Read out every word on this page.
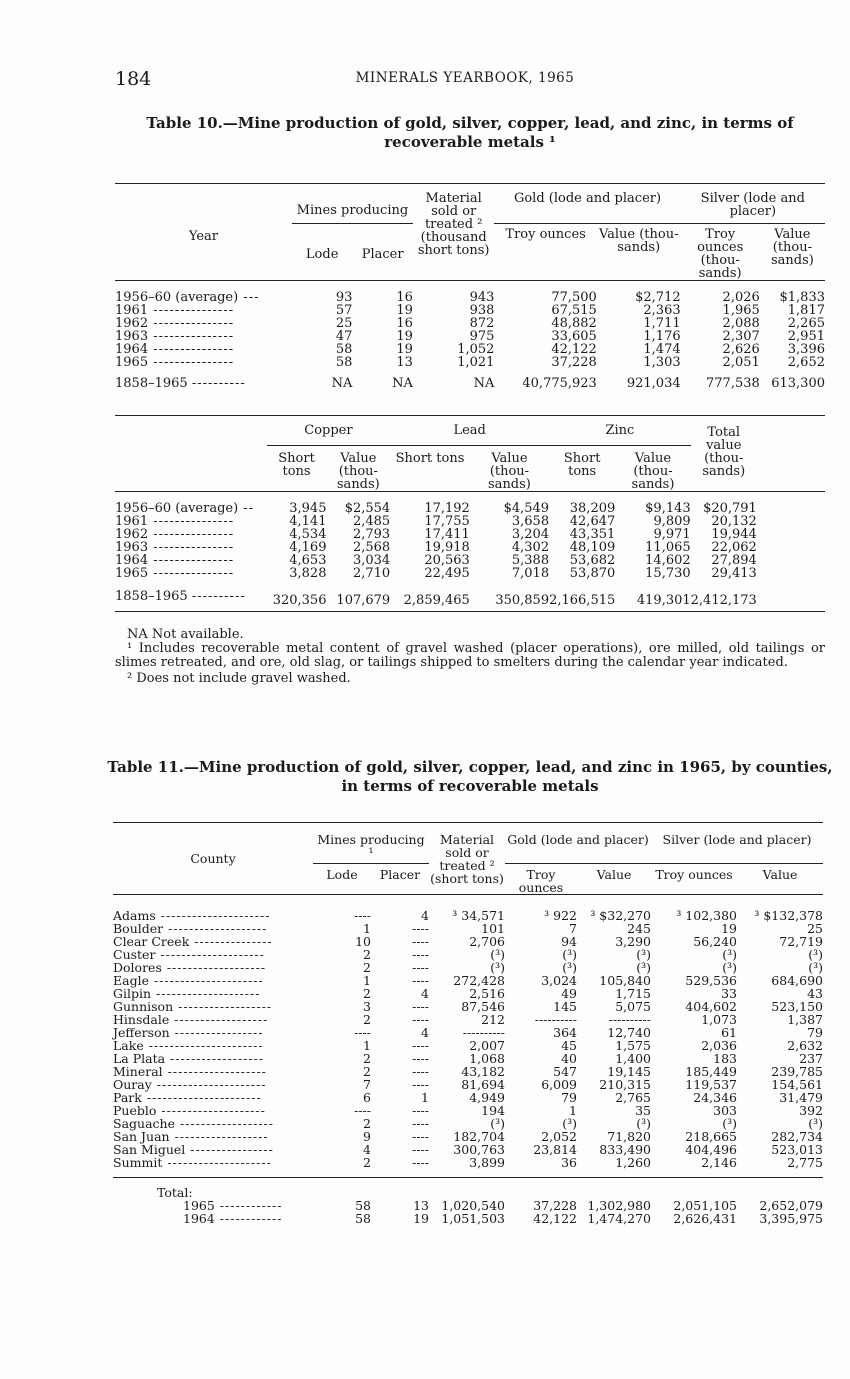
184	MINERALS YEARBOOK, 1965
Table 10.—Mine production of gold, silver, copper, lead, and zinc, in terms of
recoverable metals ¹
Year	Mines producing		Material sold or treated ² (thousand short tons)	Gold (lode and placer)		Silver (lode and placer)	
	Lode	Placer		Troy ounces	Value (thou- sands)	Troy ounces (thou- sands)	Value (thou- sands)

1956–60 (average) ---	93	16	943	77,500	$2,712	2,026	$1,833
1961 ---------------	57	19	938	67,515	2,363	1,965	1,817
1962 ---------------	25	16	872	48,882	1,711	2,088	2,265
1963 ---------------	47	19	975	33,605	1,176	2,307	2,951
1964 ---------------	58	19	1,052	42,122	1,474	2,626	3,396
1965 ---------------	58	13	1,021	37,228	1,303	2,051	2,652

1858–1965 ----------	NA	NA	NA	40,775,923	921,034	777,538	613,300
	Copper		Lead		Zinc		Total value (thou- sands)
	Short tons	Value (thou- sands)	Short tons	Value (thou- sands)	Short tons	Value (thou- sands)	

1956–60 (average) --	3,945	$2,554	17,192	$4,549	38,209	$9,143	$20,791
1961 ---------------	4,141	2,485	17,755	3,658	42,647	9,809	20,132
1962 ---------------	4,534	2,793	17,411	3,204	43,351	9,971	19,944
1963 ---------------	4,169	2,568	19,918	4,302	48,109	11,065	22,062
1964 ---------------	4,653	3,034	20,563	5,388	53,682	14,602	27,894
1965 ---------------	3,828	2,710	22,495	7,018	53,870	15,730	29,413

1858–1965 ----------	320,356	107,679	2,859,465	350,859	2,166,515	419,301	2,412,173

NA Not available.

¹ Includes recoverable metal content of gravel washed (placer operations), ore milled, old tailings or slimes retreated, and ore, old slag, or tailings shipped to smelters during the calendar year indicated.

² Does not include gravel washed.

Table 11.—Mine production of gold, silver, copper, lead, and zinc in 1965, by counties,
in terms of recoverable metals
County	Mines producing ¹		Material sold or treated ² (short tons)	Gold (lode and placer)		Silver (lode and placer)	
	Lode	Placer		Troy ounces	Value	Troy ounces	Value

Adams ---------------------	----	4	³ 34,571	³ 922	³ $32,270	³ 102,380	³ $132,378
Boulder -------------------	1	----	101	7	245	19	25
Clear Creek ---------------	10	----	2,706	94	3,290	56,240	72,719
Custer --------------------	2	----	(³)	(³)	(³)	(³)	(³)
Dolores -------------------	2	----	(³)	(³)	(³)	(³)	(³)
Eagle ---------------------	1	----	272,428	3,024	105,840	529,536	684,690
Gilpin --------------------	2	4	2,516	49	1,715	33	43
Gunnison ------------------	3	----	87,546	145	5,075	404,602	523,150
Hinsdale ------------------	2	----	212	----------	----------	1,073	1,387
Jefferson -----------------	----	4	----------	364	12,740	61	79
Lake ----------------------	1	----	2,007	45	1,575	2,036	2,632
La Plata ------------------	2	----	1,068	40	1,400	183	237
Mineral -------------------	2	----	43,182	547	19,145	185,449	239,785
Ouray ---------------------	7	----	81,694	6,009	210,315	119,537	154,561
Park ----------------------	6	1	4,949	79	2,765	24,346	31,479
Pueblo --------------------	----	----	194	1	35	303	392
Saguache ------------------	2	----	(³)	(³)	(³)	(³)	(³)
San Juan ------------------	9	----	182,704	2,052	71,820	218,665	282,734
San Miguel ----------------	4	----	300,763	23,814	833,490	404,496	523,013
Summit --------------------	2	----	3,899	36	1,260	2,146	2,775

Total:							
1965 ------------	58	13	1,020,540	37,228	1,302,980	2,051,105	2,652,079
1964 ------------	58	19	1,051,503	42,122	1,474,270	2,626,431	3,395,975
